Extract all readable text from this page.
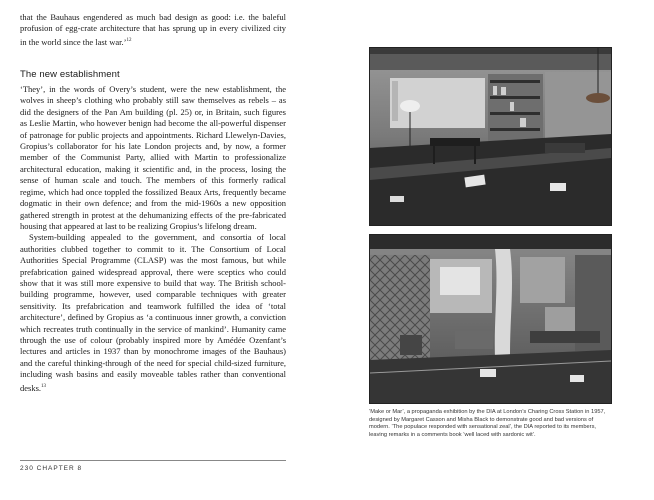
that the Bauhaus engendered as much bad design as good: i.e. the baleful profusion of egg-crate architecture that has sprung up in every civilized city in the world since the last war.’$^{12}$

The new establishment

‘They’, in the words of Overy’s student, were the new establishment, the wolves in sheep’s clothing who probably still saw themselves as rebels – as did the designers of the Pan Am building (pl. 25) or, in Britain, such figures as Leslie Martin, who however benign had become the all-powerful dispenser of patronage for public projects and appointments. Richard Llewelyn-Davies, Gropius’s collaborator for his late London projects and, by now, a former member of the Communist Party, allied with Martin to professionalize architectural education, making it scientific and, in the process, losing the sense of human scale and touch. The members of this formerly radical regime, which had once toppled the fossilized Beaux Arts, frequently became dogmatic in their own defence; and from the mid-1960s a new opposition gathered strength in protest at the dehumanizing effects of the pre-fabricated housing that appeared at last to be realizing Gropius’s lifelong dream.

System-building appealed to the government, and consortia of local authorities clubbed together to commit to it. The Consortium of Local Authorities Special Programme (CLASP) was the most famous, but while prefabrication gained widespread approval, there were sceptics who could show that it was still more expensive to build that way. The British school-building programme, however, used comparable techniques with greater sensitivity. Its prefabrication and teamwork fulfilled the idea of ‘total architecture’, defined by Gropius as ‘a continuous inner growth, a conviction which recreates truth continually in the service of mankind’. Humanity came through the use of colour (probably inspired more by Amédée Ozenfant’s lectures and articles in 1937 than by monochrome images of the Bauhaus) and the careful thinking-through of the need for special child-sized furniture, including wash basins and easily moveable tables rather than conventional desks.$^{13}$

230 CHAPTER 8
‘Make or Mar’, a propaganda exhibition by the DIA at London’s Charing Cross Station in 1957, designed by Margaret Casson and Misha Black to demonstrate good and bad versions of modern. ‘The populace responded with sensational zeal’, the DIA reported to its members, leaving remarks in a comments book ‘well laced with sardonic wit’.
